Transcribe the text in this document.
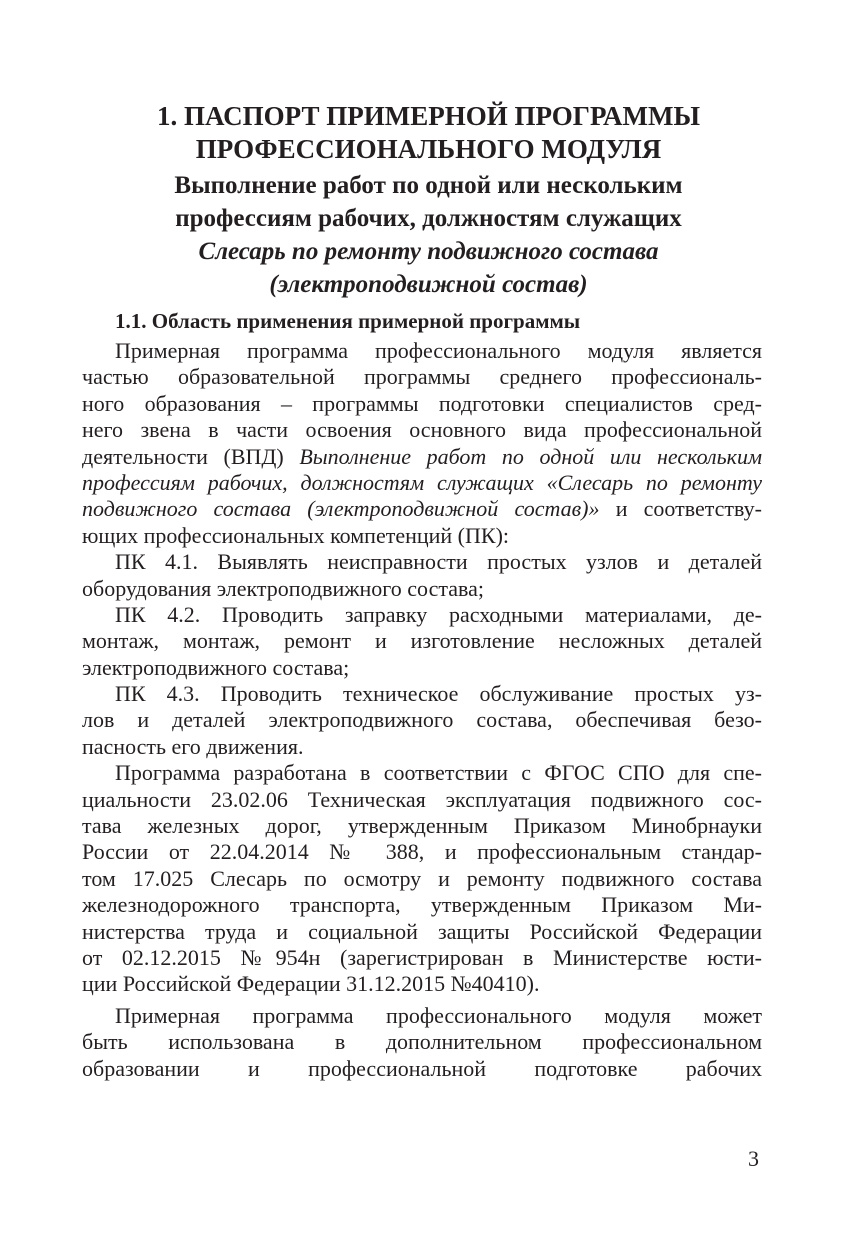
1. ПАСПОРТ ПРИМЕРНОЙ ПРОГРАММЫ
ПРОФЕССИОНАЛЬНОГО МОДУЛЯ
Выполнение работ по одной или нескольким
профессиям рабочих, должностям служащих
Слесарь по ремонту подвижного состава
(электроподвижной состав)
1.1. Область применения примерной программы
Примерная программа профессионального модуля является
частью образовательной программы среднего профессиональ-
ного образования – программы подготовки специалистов сред-
него звена в части освоения основного вида профессиональной
деятельности (ВПД) Выполнение работ по одной или нескольким
профессиям рабочих, должностям служащих «Слесарь по ремонту
подвижного состава (электроподвижной состав)» и соответству-
ющих профессиональных компетенций (ПК):
ПК 4.1. Выявлять неисправности простых узлов и деталей
оборудования электроподвижного состава;
ПК 4.2. Проводить заправку расходными материалами, де-
монтаж, монтаж, ремонт и изготовление несложных деталей
электроподвижного состава;
ПК 4.3. Проводить техническое обслуживание простых уз-
лов и деталей электроподвижного состава, обеспечивая безо-
пасность его движения.
Программа разработана в соответствии с ФГОС СПО для спе-
циальности 23.02.06 Техническая эксплуатация подвижного сос-
тава железных дорог, утвержденным Приказом Минобрнауки
России от 22.04.2014 № 388, и профессиональным стандар-
том 17.025 Слесарь по осмотру и ремонту подвижного состава
железнодорожного транспорта, утвержденным Приказом Ми-
нистерства труда и социальной защиты Российской Федерации
от 02.12.2015 №954н (зарегистрирован в Министерстве юсти-
ции Российской Федерации 31.12.2015 №40410).
Примерная программа профессионального модуля может
быть использована в дополнительном профессиональном
образовании и профессиональной подготовке рабочих
3
